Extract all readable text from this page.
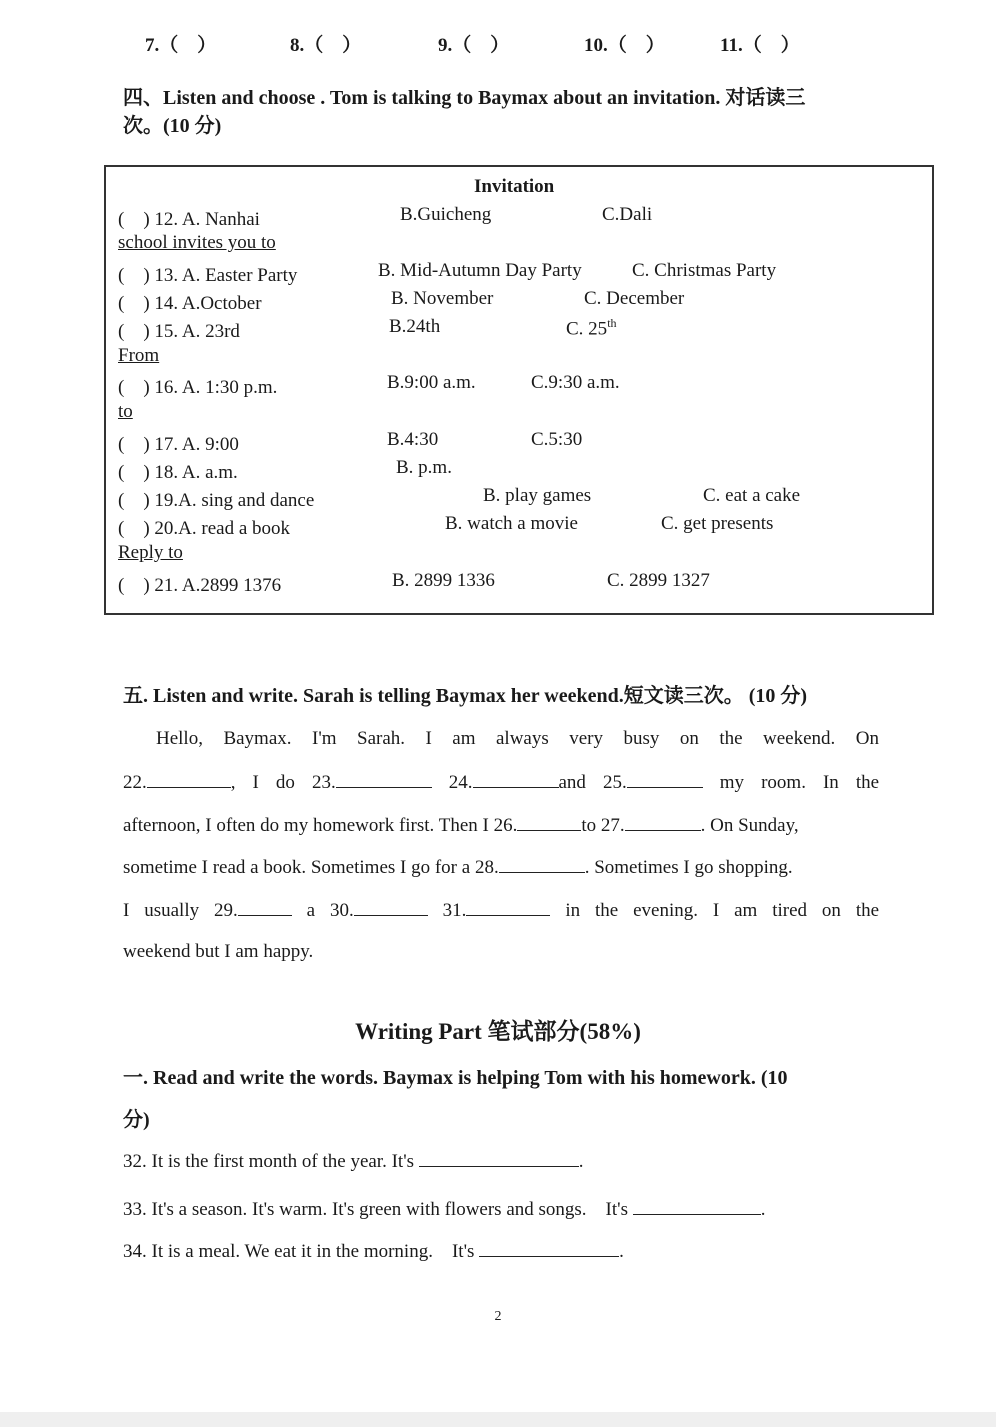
7.（　）	8.（　）	9.（　）	10.（　）	11.（　）
四、Listen and choose . Tom is talking to Baymax about an invitation. 对话读三
次。(10 分)
Invitation
(　) 12. A. Nanhai	B.Guicheng	C.Dali
school invites you to
(　) 13. A. Easter Party	B. Mid-Autumn Day Party	C. Christmas Party
(　) 14. A.October	B. November	C. December
(　) 15. A. 23rd	B.24th	C. 25th
From
(　) 16. A. 1:30 p.m.	B.9:00 a.m.	C.9:30 a.m.
to
(　) 17. A. 9:00	B.4:30	C.5:30
(　) 18. A. a.m.	B. p.m.
(　) 19.A. sing and dance	B. play games	C. eat a cake
(　) 20.A. read a book	B. watch a movie	C. get presents
Reply to
(　) 21. A.2899 1376	B. 2899 1336	C. 2899 1327
五. Listen and write. Sarah is telling Baymax her weekend.短文读三次。 (10 分)
Hello, Baymax. I'm Sarah. I am always very busy on the weekend. On
22.	, I do 23.	24.	and 25.	my room. In the
afternoon, I often do my homework first. Then I 26.	to 27.	. On Sunday,
sometime I read a book. Sometimes I go for a 28.	. Sometimes I go shopping.
I usually 29.	a 30.	31.	in the evening. I am tired on the
weekend but I am happy.
Writing Part 笔试部分(58%)
一. Read and write the words. Baymax is helping Tom with his homework. (10
分)
32. It is the first month of the year. It's	.
33. It's a season. It's warm. It's green with flowers and songs.　It's	.
34. It is a meal. We eat it in the morning.　It's	.
2
